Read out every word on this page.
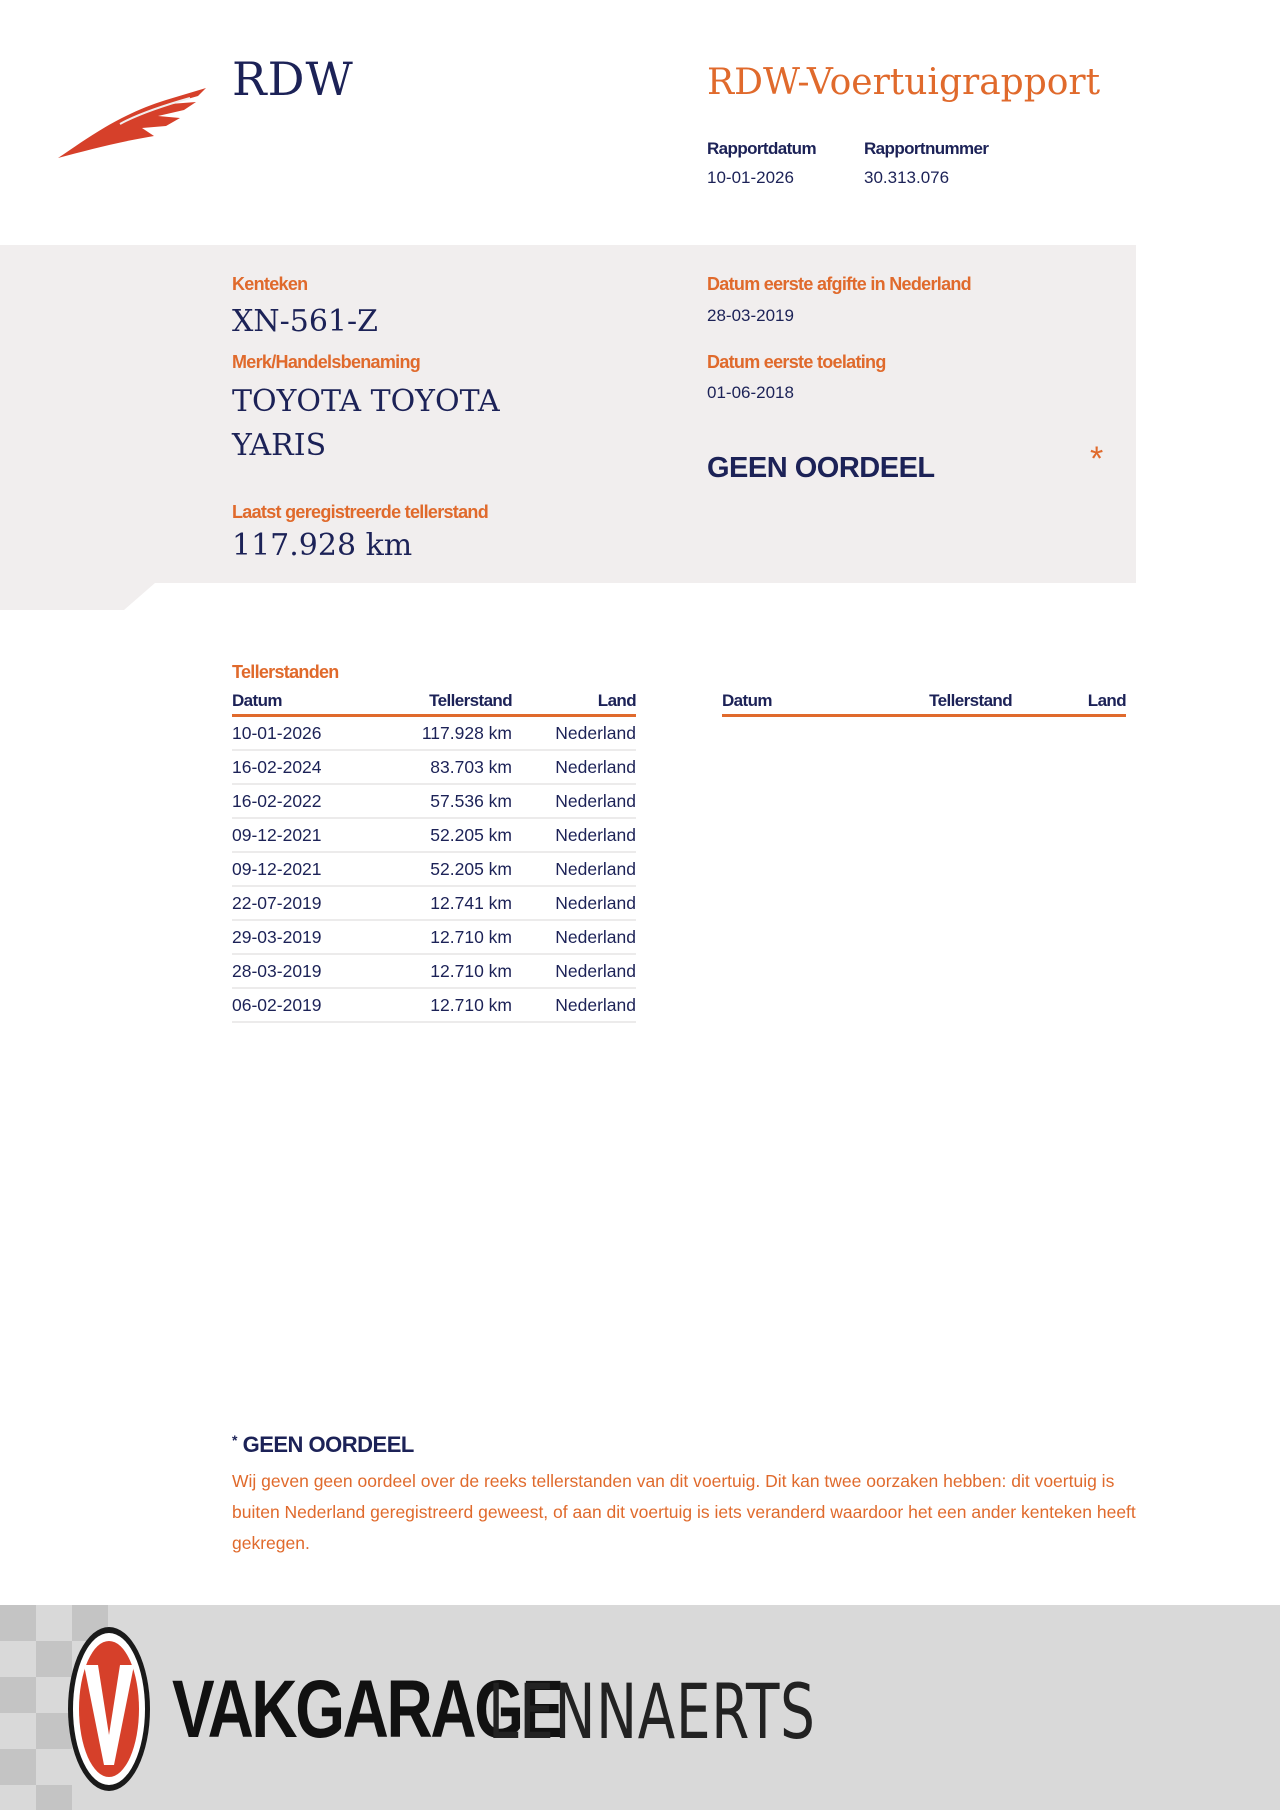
RDW	RDW-Voertuigrapport
Rapportdatum
10-01-2026
Rapportnummer
30.313.076
Kenteken
XN-561-Z
Merk/Handelsbenaming
TOYOTA TOYOTA
YARIS
Laatst geregistreerde tellerstand
117.928 km
Datum eerste afgifte in Nederland
28-03-2019
Datum eerste toelating
01-06-2018
GEEN OORDEEL	*
Tellerstanden
Datum	Tellerstand	Land
10-01-2026	117.928 km	Nederland
16-02-2024	83.703 km	Nederland
16-02-2022	57.536 km	Nederland
09-12-2021	52.205 km	Nederland
09-12-2021	52.205 km	Nederland
22-07-2019	12.741 km	Nederland
29-03-2019	12.710 km	Nederland
28-03-2019	12.710 km	Nederland
06-02-2019	12.710 km	Nederland
Datum	Tellerstand	Land
* GEEN OORDEEL
Wij geven geen oordeel over de reeks tellerstanden van dit voertuig. Dit kan twee oorzaken hebben: dit voertuig is buiten Nederland geregistreerd geweest, of aan dit voertuig is iets veranderd waardoor het een ander kenteken heeft gekregen.
VAKGARAGE
LENNAERTS
